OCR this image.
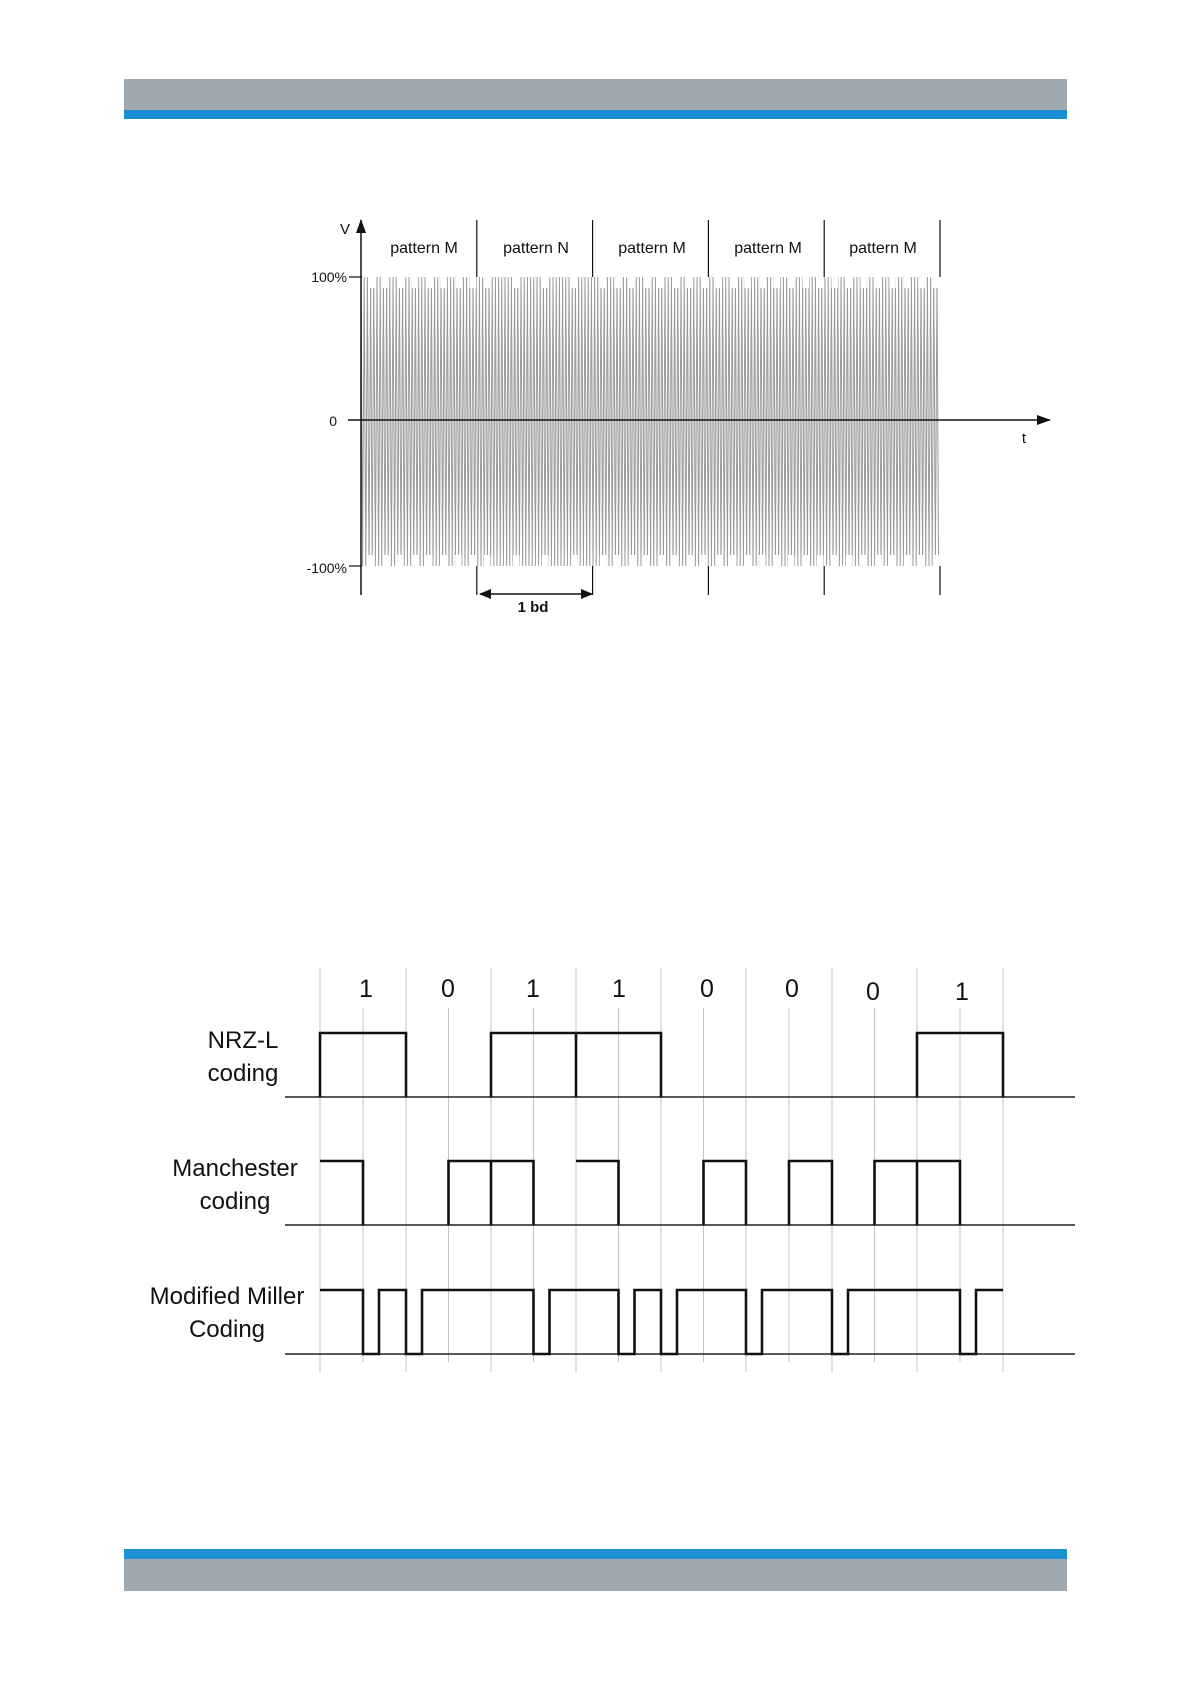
pattern M	pattern N	pattern M	pattern M	pattern M
V
t
100%
0
-100%
1 bd
1	0	1	1	0	0	0	1
NRZ-L
coding
Manchester
coding
Modified Miller
Coding
